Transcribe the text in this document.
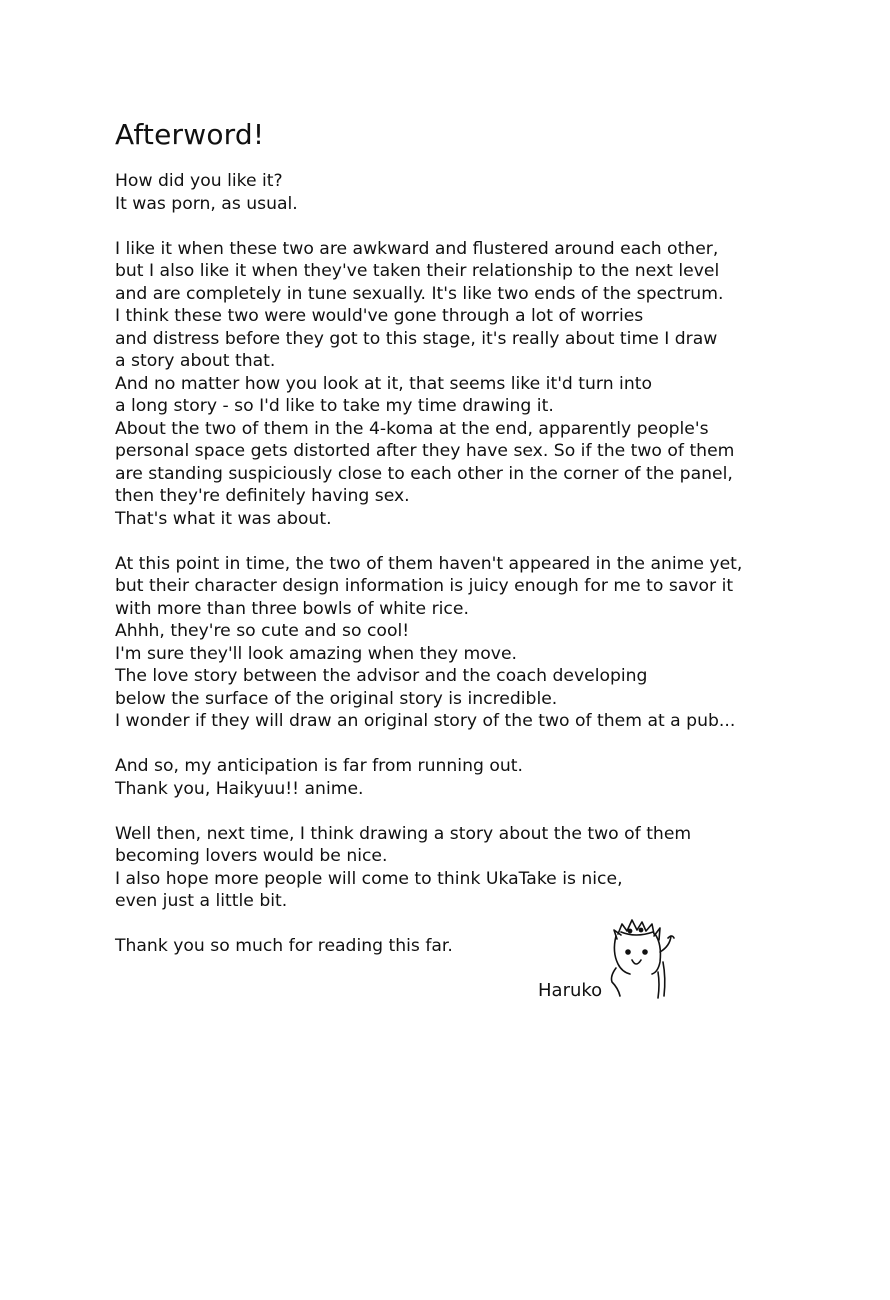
Afterword!

How did you like it?
It was porn, as usual.

I like it when these two are awkward and flustered around each other,
but I also like it when they've taken their relationship to the next level
and are completely in tune sexually. It's like two ends of the spectrum.
I think these two were would've gone through a lot of worries
and distress before they got to this stage, it's really about time I draw
a story about that.
And no matter how you look at it, that seems like it'd turn into
a long story - so I'd like to take my time drawing it.
About the two of them in the 4-koma at the end, apparently people's
personal space gets distorted after they have sex. So if the two of them
are standing suspiciously close to each other in the corner of the panel,
then they're definitely having sex.
That's what it was about.

At this point in time, the two of them haven't appeared in the anime yet,
but their character design information is juicy enough for me to savor it
with more than three bowls of white rice.
Ahhh, they're so cute and so cool!
I'm sure they'll look amazing when they move.
The love story between the advisor and the coach developing
below the surface of the original story is incredible.
I wonder if they will draw an original story of the two of them at a pub...

And so, my anticipation is far from running out.
Thank you, Haikyuu!! anime.

Well then, next time, I think drawing a story about the two of them
becoming lovers would be nice.
I also hope more people will come to think UkaTake is nice,
even just a little bit.

Thank you so much for reading this far.

Haruko
